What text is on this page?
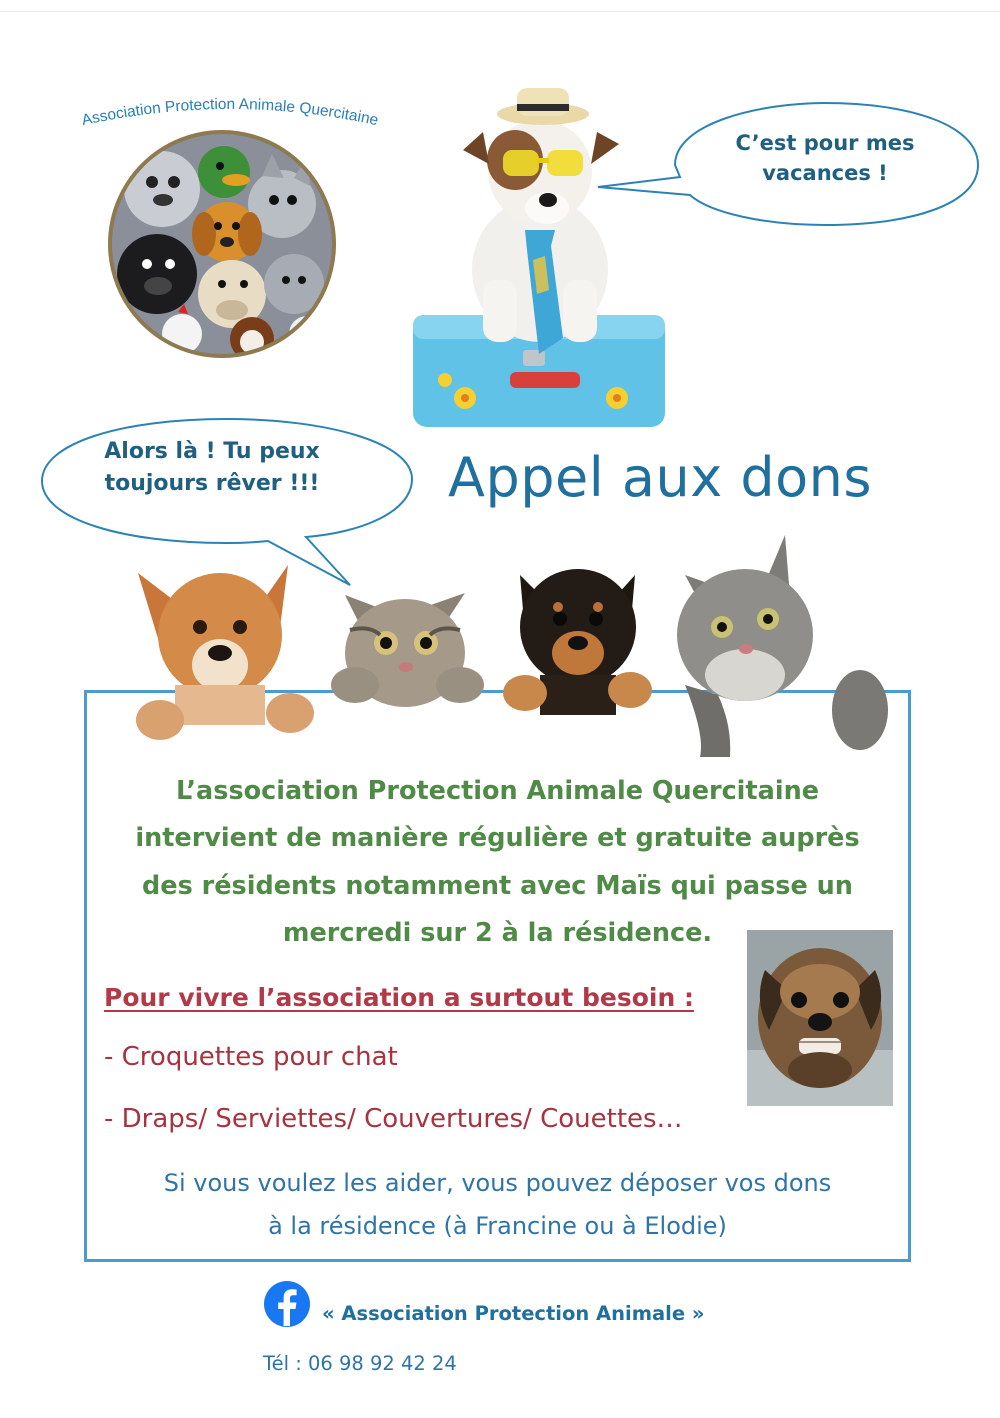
Association Protection Animale Quercitaine
C’est pour mes
vacances !
Alors là ! Tu peux
toujours rêver !!!	Appel aux dons
L’association Protection Animale Quercitaine
intervient de manière régulière et gratuite auprès
des résidents notamment avec Maïs qui passe un
mercredi sur 2 à la résidence.
Pour vivre l’association a surtout besoin :
- Croquettes pour chat
- Draps/ Serviettes/ Couvertures/ Couettes…
Si vous voulez les aider, vous pouvez déposer vos dons
à la résidence (à Francine ou à Elodie)
« Association Protection Animale »
Tél : 06 98 92 42 24
